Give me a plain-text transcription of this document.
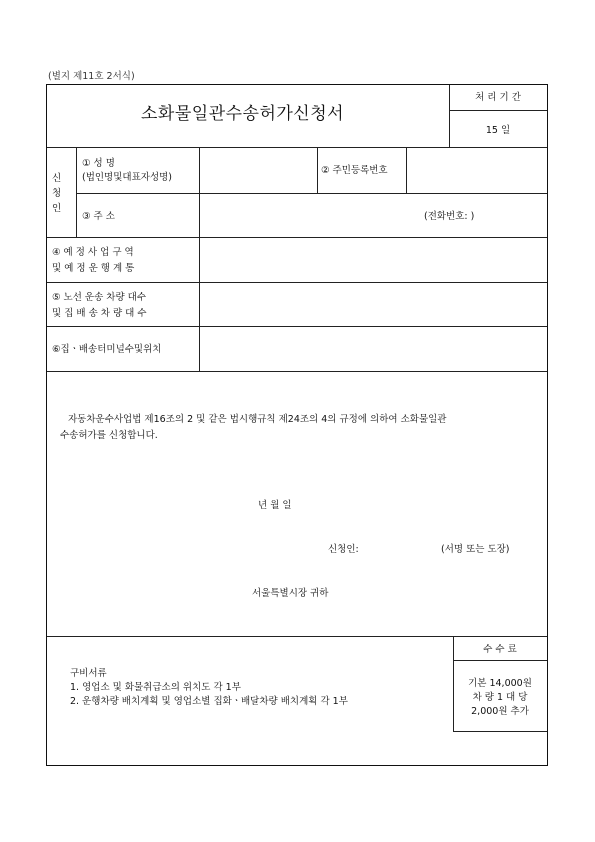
(별지 제11호 2서식)
소화물일관수송허가신청서
처 리 기 간
15 일
신
청
인
① 성 명
(법인명및대표자성명)
② 주민등록번호
③ 주 소	(전화번호: )
④ 예 정 사 업 구 역
및 예 정 운 행 계 통
⑤ 노선 운송 차량 대수
및 집 배 송 차 량 대 수
⑥집ㆍ배송터미널수및위치
자동차운수사업법 제16조의 2 및 같은 법시행규칙 제24조의 4의 규정에 의하여 소화물일관
수송허가를 신청합니다.
년 월 일
신청인:	(서명 또는 도장)
서울특별시장 귀하
구비서류
1. 영업소 및 화물취급소의 위치도 각 1부
2. 운행차량 배치계획 및 영업소별 집화ㆍ배달차량 배치계획 각 1부
수 수 료
기본 14,000원
차 량 1 대 당
2,000원 추가
